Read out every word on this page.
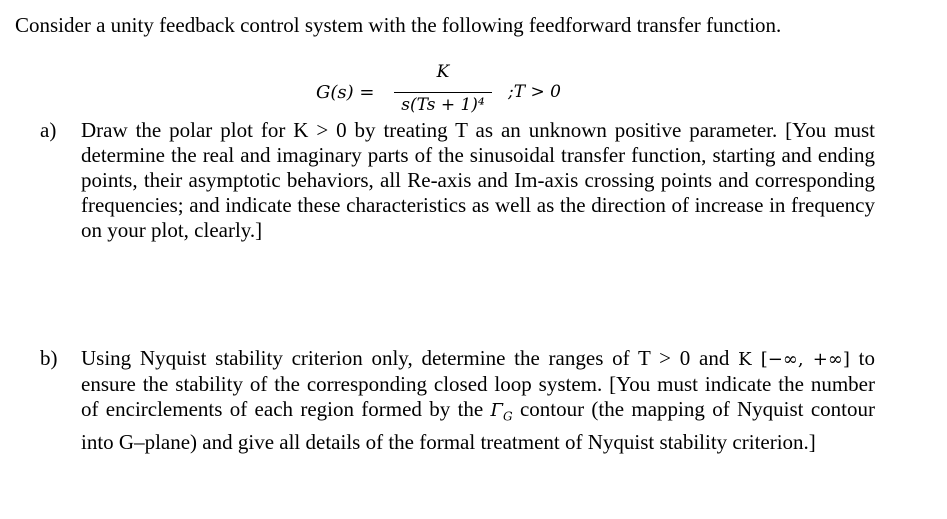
Consider a unity feedback control system with the following feedforward transfer function.
G(s) =
K
s(Ts + 1)⁴
;T > 0
a) Draw the polar plot for K > 0 by treating T as an unknown positive parameter. [You must determine the real and imaginary parts of the sinusoidal transfer function, starting and ending points, their asymptotic behaviors, all Re-axis and Im-axis crossing points and corresponding frequencies; and indicate these characteristics as well as the direction of increase in frequency on your plot, clearly.]
b) Using Nyquist stability criterion only, determine the ranges of T > 0 and K [−∞, +∞] to ensure the stability of the corresponding closed loop system. [You must indicate the number of encirclements of each region formed by the $\Gamma_G$ contour (the mapping of Nyquist contour into G–plane) and give all details of the formal treatment of Nyquist stability criterion.]
